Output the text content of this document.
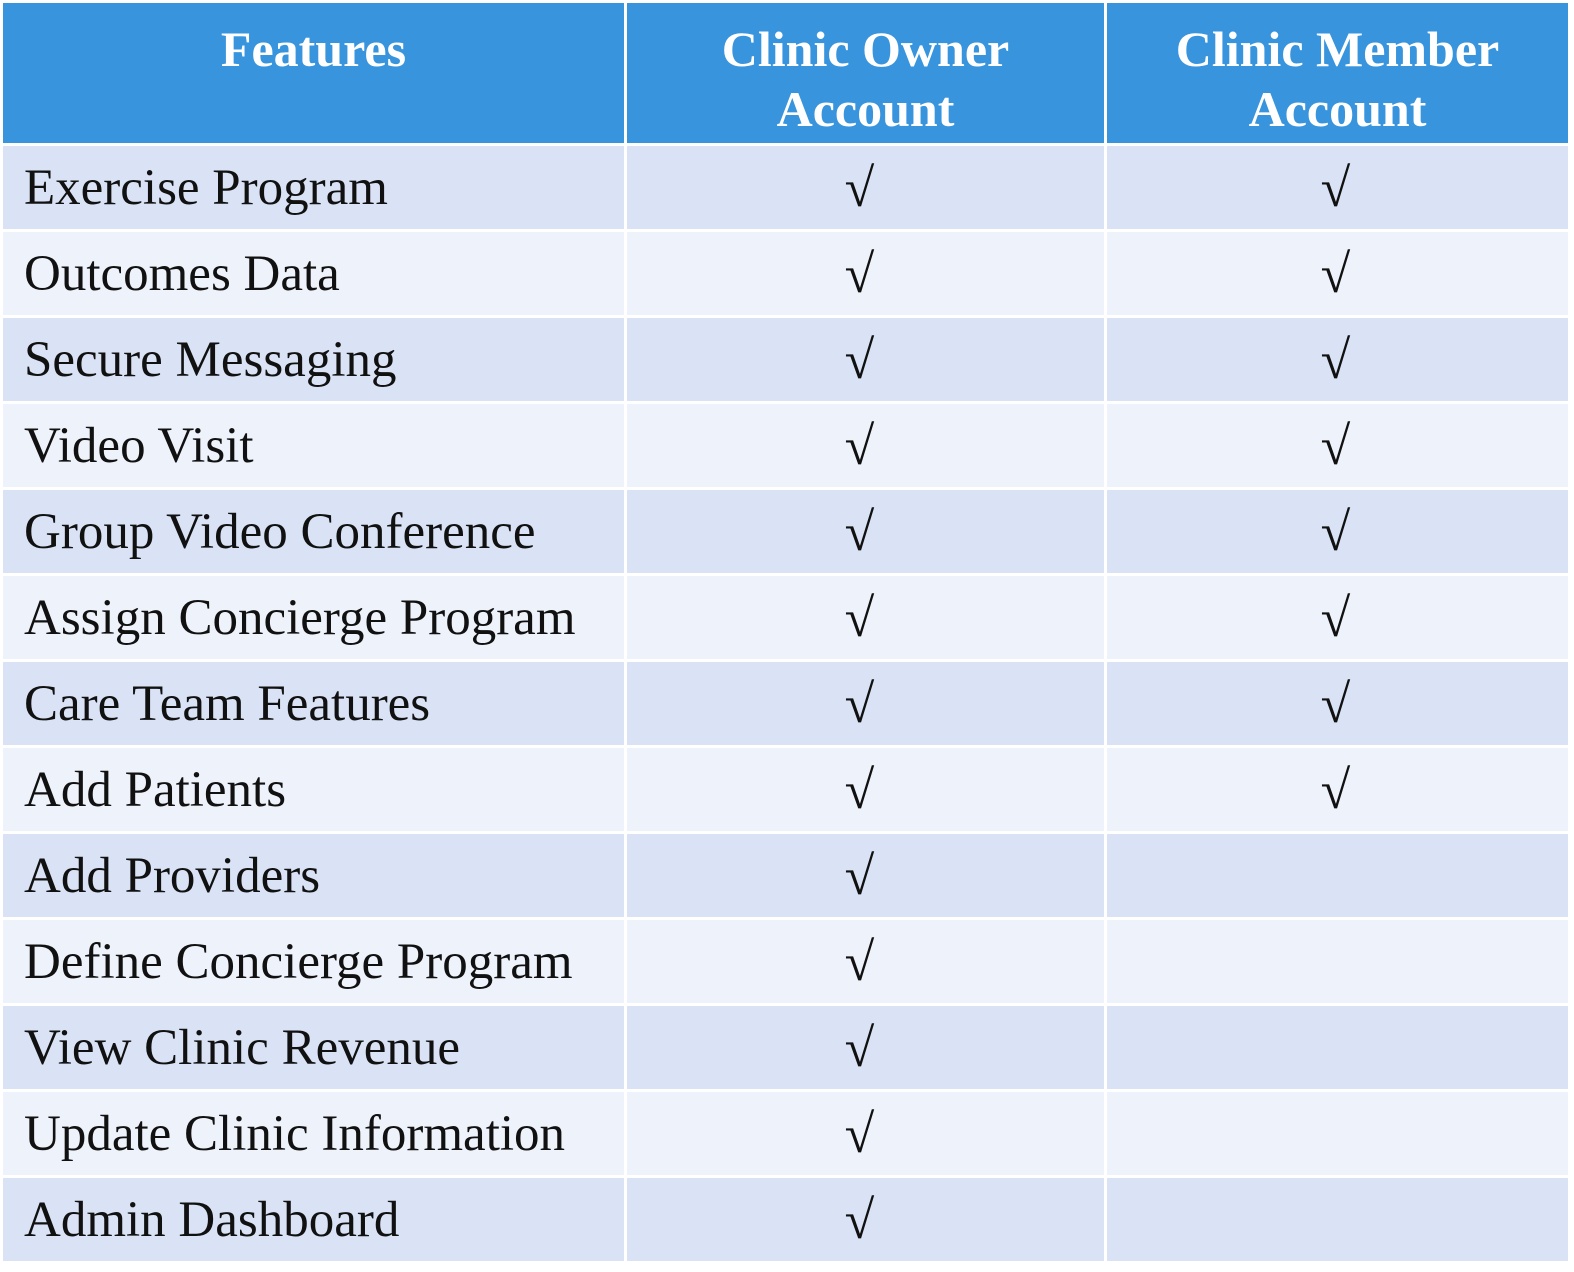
Features	Clinic Owner Account	Clinic Member Account
Exercise Program	√	√
Outcomes Data	√	√
Secure Messaging	√	√
Video Visit	√	√
Group Video Conference	√	√
Assign Concierge Program	√	√
Care Team Features	√	√
Add Patients	√	√
Add Providers	√	
Define Concierge Program	√	
View Clinic Revenue	√	
Update Clinic Information	√	
Admin Dashboard	√	
